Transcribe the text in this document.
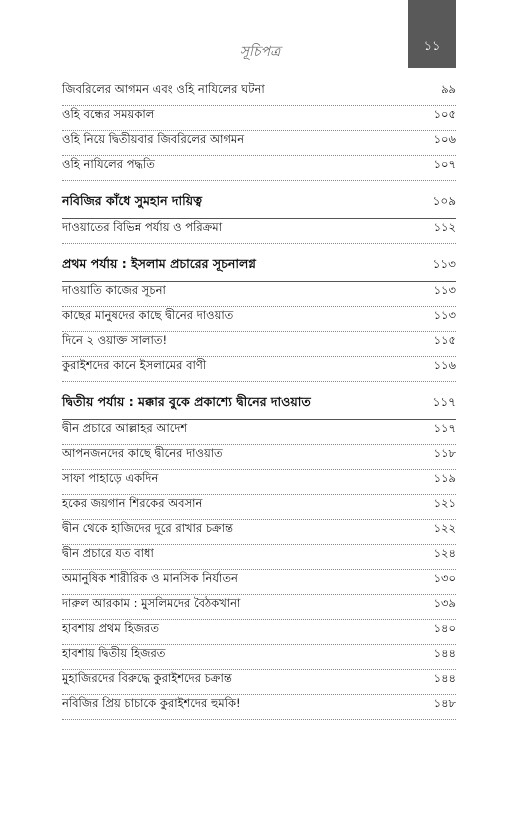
১১
সূচিপত্র
জিবরিলের আগমন এবং ওহি নাযিলের ঘটনা	৯৯
ওহি বন্ধের সময়কাল	১০৫
ওহি নিয়ে দ্বিতীয়বার জিবরিলের আগমন	১০৬
ওহি নাযিলের পদ্ধতি	১০৭
নবিজির কাঁধে সুমহান দায়িত্ব	১০৯
দাওয়াতের বিভিন্ন পর্যায় ও পরিক্রমা	১১২
প্রথম পর্যায় : ইসলাম প্রচারের সূচনালগ্ন	১১৩
দাওয়াতি কাজের সূচনা	১১৩
কাছের মানুষদের কাছে দ্বীনের দাওয়াত	১১৩
দিনে ২ ওয়াক্ত সালাত!	১১৫
কুরাইশদের কানে ইসলামের বাণী	১১৬
দ্বিতীয় পর্যায় : মক্কার বুকে প্রকাশ্যে দ্বীনের দাওয়াত	১১৭
দ্বীন প্রচারে আল্লাহর আদেশ	১১৭
আপনজনদের কাছে দ্বীনের দাওয়াত	১১৮
সাফা পাহাড়ে একদিন	১১৯
হকের জয়গান শিরকের অবসান	১২১
দ্বীন থেকে হাজিদের দূরে রাখার চক্রান্ত	১২২
দ্বীন প্রচারে যত বাধা	১২৪
অমানুষিক শারীরিক ও মানসিক নির্যাতন	১৩০
দারুল আরকাম : মুসলিমদের বৈঠকখানা	১৩৯
হাবশায় প্রথম হিজরত	১৪০
হাবশায় দ্বিতীয় হিজরত	১৪৪
মুহাজিরদের বিরুদ্ধে কুরাইশদের চক্রান্ত	১৪৪
নবিজির প্রিয় চাচাকে কুরাইশদের হুমকি!	১৪৮
